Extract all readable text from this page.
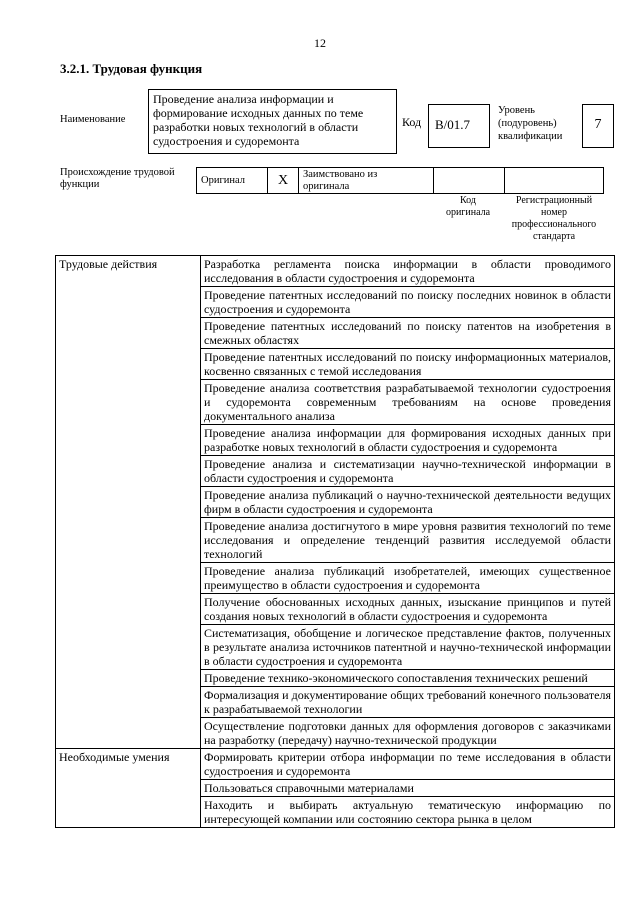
12
3.2.1. Трудовая функция
Наименование
Проведение анализа информации и формирование исходных данных по теме разработки новых технологий в области судостроения и судоремонта
Код	B/01.7
Уровень
(подуровень)
квалификации
7
Происхождение трудовой
функции	Оригинал	X	Заимствовано из
оригинала

Код
оригинала
Регистрационный
номер
профессионального
стандарта
Трудовые действия	Разработка регламента поиска информации в области проводимого исследования в области судостроения и судоремонта
	Проведение патентных исследований по поиску последних новинок в области судостроения и судоремонта
	Проведение патентных исследований по поиску патентов на изобретения в смежных областях
	Проведение патентных исследований по поиску информационных материалов, косвенно связанных с темой исследования
	Проведение анализа соответствия разрабатываемой технологии судостроения и судоремонта современным требованиям на основе проведения документального анализа
	Проведение анализа информации для формирования исходных данных при разработке новых технологий в области судостроения и судоремонта
	Проведение анализа и систематизации научно-технической информации в области судостроения и судоремонта
	Проведение анализа публикаций о научно-технической деятельности ведущих фирм в области судостроения и судоремонта
	Проведение анализа достигнутого в мире уровня развития технологий по теме исследования и определение тенденций развития исследуемой области технологий
	Проведение анализа публикаций изобретателей, имеющих существенное преимущество в области судостроения и судоремонта
	Получение обоснованных исходных данных, изыскание принципов и путей создания новых технологий в области судостроения и судоремонта
	Систематизация, обобщение и логическое представление фактов, полученных в результате анализа источников патентной и научно-технической информации в области судостроения и судоремонта
	Проведение технико-экономического сопоставления технических решений
	Формализация и документирование общих требований конечного пользователя к разрабатываемой технологии
	Осуществление подготовки данных для оформления договоров с заказчиками на разработку (передачу) научно-технической продукции
Необходимые умения	Формировать критерии отбора информации по теме исследования в области судостроения и судоремонта
	Пользоваться справочными материалами
	Находить и выбирать актуальную тематическую информацию по интересующей компании или состоянию сектора рынка в целом
